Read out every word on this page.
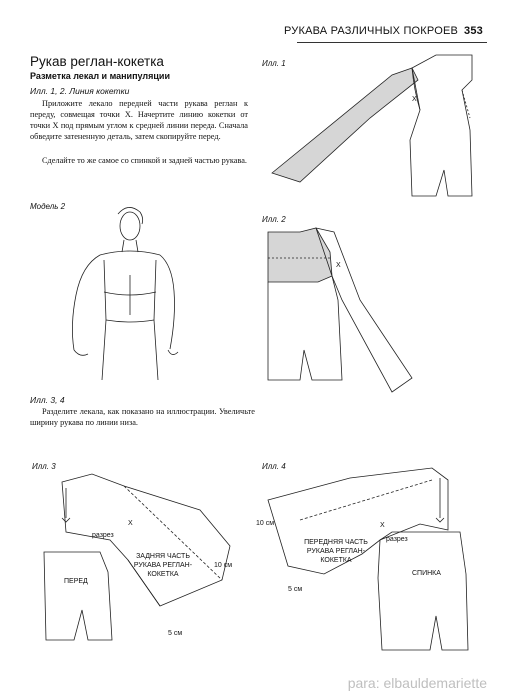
РУКАВА РАЗЛИЧНЫХ ПОКРОЕВ 353
Рукав реглан-кокетка
Разметка лекал и манипуляции
Илл. 1, 2. Линия кокетки
Приложите лекало передней части рукава реглан к переду, совмещая точки X. Начертите линию кокетки от точки X под прямым углом к средней линии переда. Сначала обведите затененную деталь, затем скопируйте перед.
Сделайте то же самое со спинкой и задней частью рукава.
Модель 2
Илл. 3, 4
Разделите лекала, как показано на иллюстрации. Увеличьте ширину рукава по линии низа.
Илл. 1
Илл. 2
Илл. 3	Илл. 4
X
X
X
разрез
ПЕРЕД
ЗАДНЯЯ ЧАСТЬ
РУКАВА РЕГЛАН-
КОКЕТКА
10 см
5 см
X
разрез
10 см
5 см
ПЕРЕДНЯЯ ЧАСТЬ
РУКАВА РЕГЛАН-
КОКЕТКА
СПИНКА
para: elbauldemariette
